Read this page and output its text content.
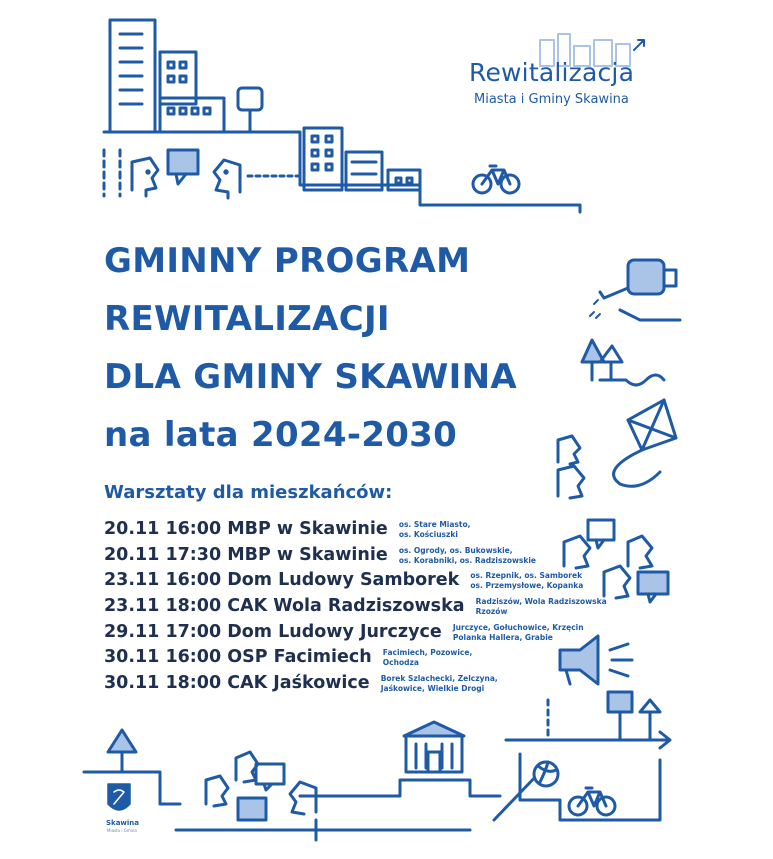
Rewitalizacja
Miasta i Gminy Skawina
GMINNY PROGRAM
REWITALIZACJI
DLA GMINY SKAWINA
na lata 2024-2030
Warsztaty dla mieszkańców:
20.11 16:00 MBP w Skawinie os. Stare Miasto,
os. Kościuszki
20.11 17:30 MBP w Skawinie os. Ogrody, os. Bukowskie,
os. Korabniki, os. Radziszowskie
23.11 16:00 Dom Ludowy Samborek os. Rzepnik, os. Samborek
os. Przemysłowe, Kopanka
23.11 18:00 CAK Wola Radziszowska Radziszów, Wola Radziszowska
Rzozów
29.11 17:00 Dom Ludowy Jurczyce Jurczyce, Gołuchowice, Krzęcin
Polanka Hallera, Grabie
30.11 16:00 OSP Facimiech Facimiech, Pozowice,
Ochodza
30.11 18:00 CAK Jaśkowice Borek Szlachecki, Zelczyna,
Jaśkowice, Wielkie Drogi
Skawina
Miasto i Gmina
